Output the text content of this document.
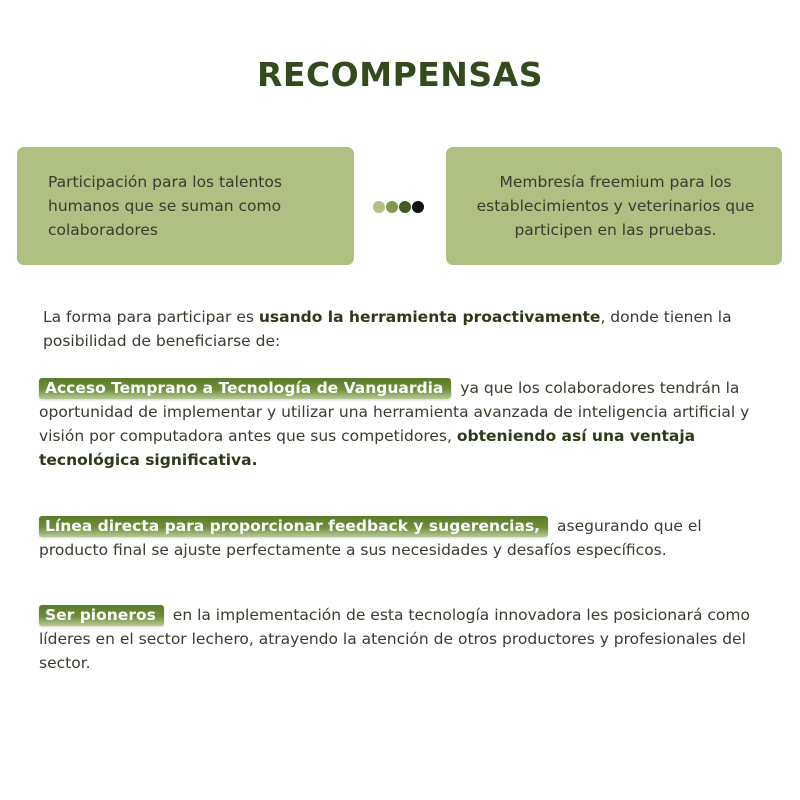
RECOMPENSAS
Participación para los talentos humanos que se suman como colaboradores
Membresía freemium para los establecimientos y veterinarios que participen en las pruebas.

La forma para participar es usando la herramienta proactivamente, donde tienen la posibilidad de beneficiarse de:

Acceso Temprano a Tecnología de Vanguardia ya que los colaboradores tendrán la oportunidad de implementar y utilizar una herramienta avanzada de inteligencia artificial y visión por computadora antes que sus competidores, obteniendo así una ventaja tecnológica significativa.

Línea directa para proporcionar feedback y sugerencias, asegurando que el producto final se ajuste perfectamente a sus necesidades y desafíos específicos.

Ser pioneros en la implementación de esta tecnología innovadora les posicionará como líderes en el sector lechero, atrayendo la atención de otros productores y profesionales del sector.
